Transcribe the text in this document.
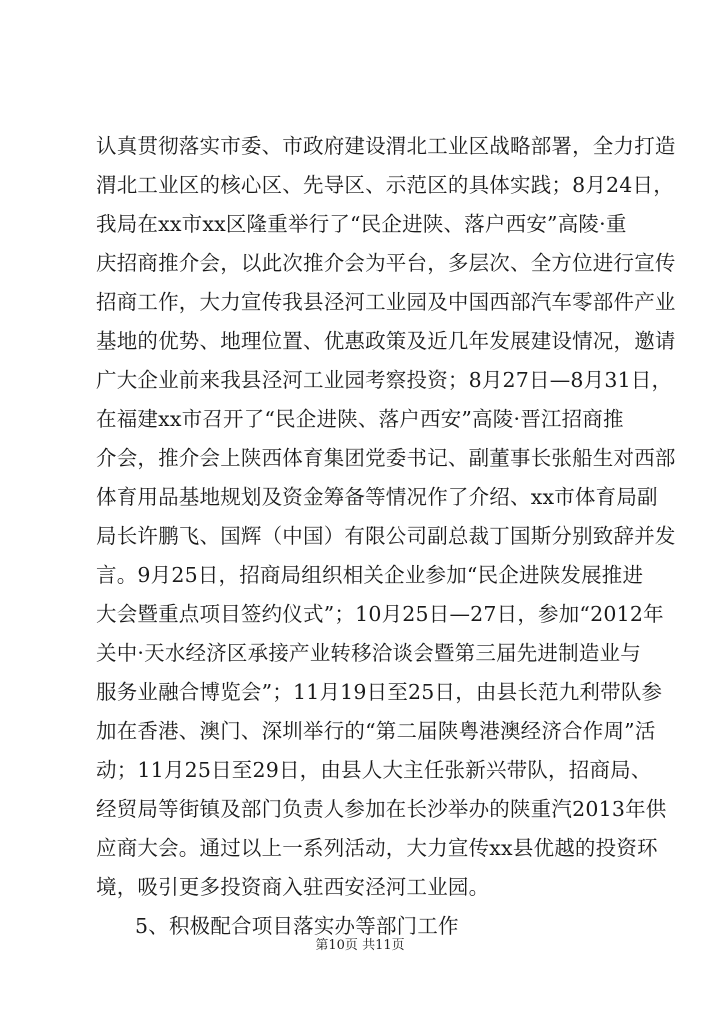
认真贯彻落实市委、市政府建设渭北工业区战略部署，全力打造
渭北工业区的核心区、先导区、示范区的具体实践；8月24日，
我局在xx市xx区隆重举行了“民企进陕、落户西安”高陵·重
庆招商推介会，以此次推介会为平台，多层次、全方位进行宣传
招商工作，大力宣传我县泾河工业园及中国西部汽车零部件产业
基地的优势、地理位置、优惠政策及近几年发展建设情况，邀请
广大企业前来我县泾河工业园考察投资；8月27日—8月31日，
在福建xx市召开了“民企进陕、落户西安”高陵·晋江招商推
介会，推介会上陕西体育集团党委书记、副董事长张船生对西部
体育用品基地规划及资金筹备等情况作了介绍、xx市体育局副
局长许鹏飞、国辉（中国）有限公司副总裁丁国斯分别致辞并发
言。9月25日，招商局组织相关企业参加“民企进陕发展推进
大会暨重点项目签约仪式”；10月25日—27日，参加“2012年
关中·天水经济区承接产业转移洽谈会暨第三届先进制造业与
服务业融合博览会”；11月19日至25日，由县长范九利带队参
加在香港、澳门、深圳举行的“第二届陕粤港澳经济合作周”活
动；11月25日至29日，由县人大主任张新兴带队，招商局、
经贸局等街镇及部门负责人参加在长沙举办的陕重汽2013年供
应商大会。通过以上一系列活动，大力宣传xx县优越的投资环
境，吸引更多投资商入驻西安泾河工业园。
5、积极配合项目落实办等部门工作
第10页 共11页
